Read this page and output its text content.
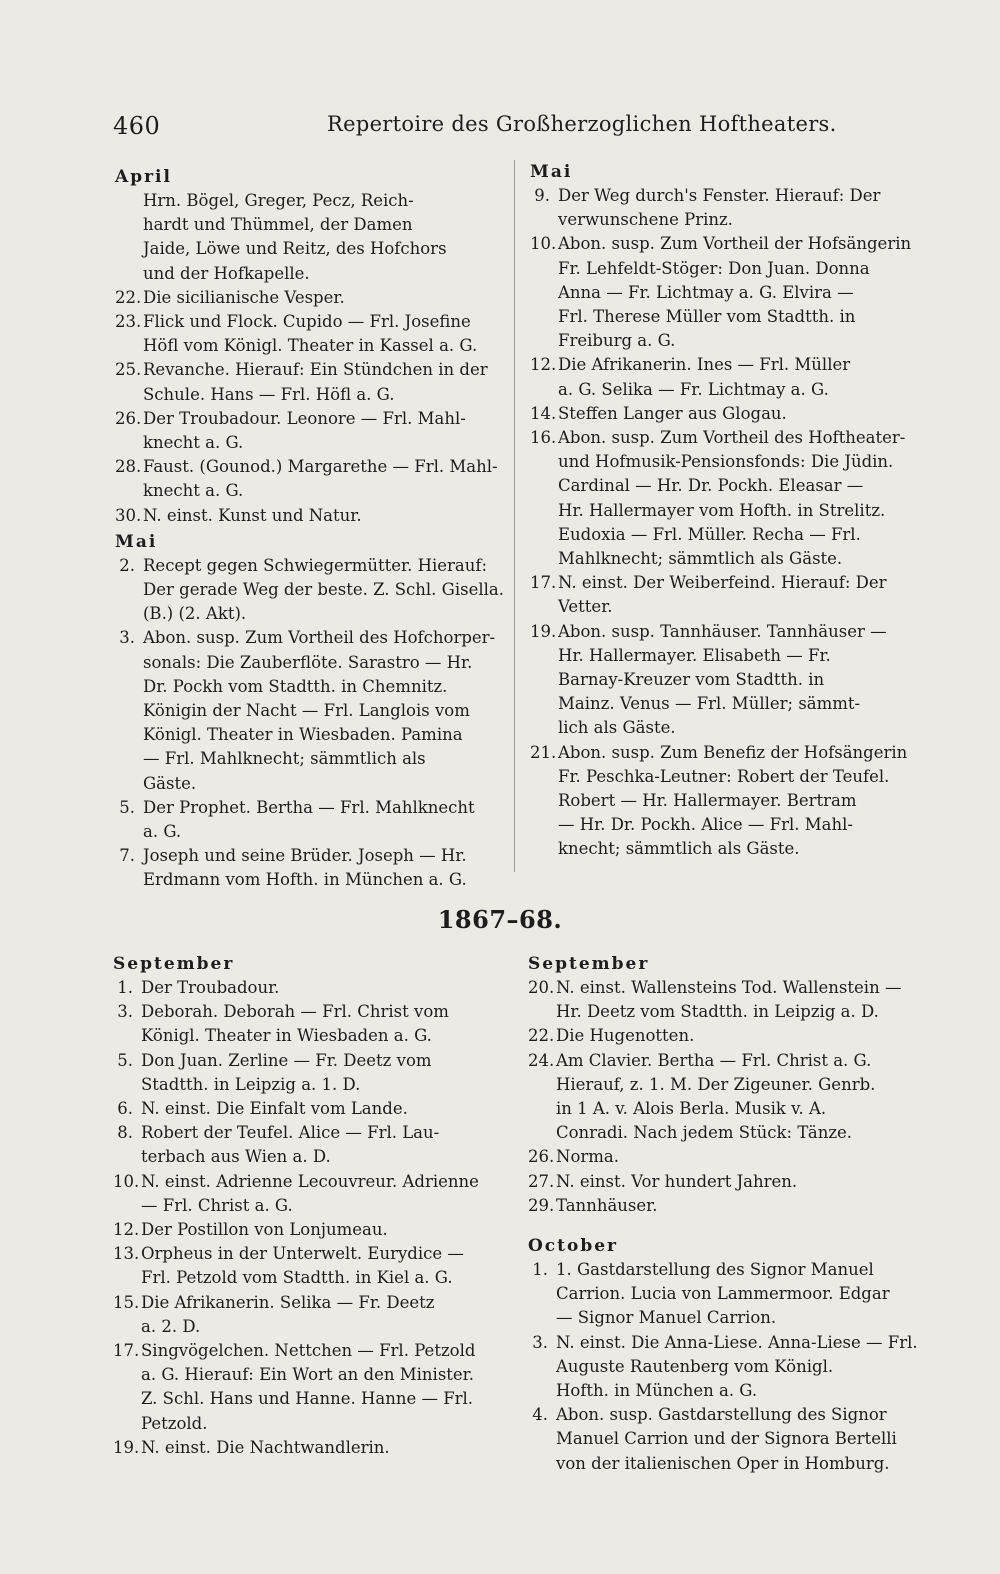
460	Repertoire des Großherzoglichen Hoftheaters.
April
Hrn. Bögel, Greger, Pecz, Reich-
hardt und Thümmel, der Damen
Jaide, Löwe und Reitz, des Hofchors
und der Hofkapelle.
22. Die sicilianische Vesper.
23. Flick und Flock. Cupido — Frl. Josefine
Höfl vom Königl. Theater in Kassel a. G.
25. Revanche. Hierauf: Ein Stündchen in der
Schule. Hans — Frl. Höfl a. G.
26. Der Troubadour. Leonore — Frl. Mahl-
knecht a. G.
28. Faust. (Gounod.) Margarethe — Frl. Mahl-
knecht a. G.
30. N. einst. Kunst und Natur.
Mai
2. Recept gegen Schwiegermütter. Hierauf:
Der gerade Weg der beste. Z. Schl. Gisella.
(B.) (2. Akt).
3. Abon. susp. Zum Vortheil des Hofchorper-
sonals: Die Zauberflöte. Sarastro — Hr.
Dr. Pockh vom Stadtth. in Chemnitz.
Königin der Nacht — Frl. Langlois vom
Königl. Theater in Wiesbaden. Pamina
— Frl. Mahlknecht; sämmtlich als
Gäste.
5. Der Prophet. Bertha — Frl. Mahlknecht
a. G.
7. Joseph und seine Brüder. Joseph — Hr.
Erdmann vom Hofth. in München a. G.
Mai
9. Der Weg durch's Fenster. Hierauf: Der
verwunschene Prinz.
10. Abon. susp. Zum Vortheil der Hofsängerin
Fr. Lehfeldt-Stöger: Don Juan. Donna
Anna — Fr. Lichtmay a. G. Elvira —
Frl. Therese Müller vom Stadtth. in
Freiburg a. G.
12. Die Afrikanerin. Ines — Frl. Müller
a. G. Selika — Fr. Lichtmay a. G.
14. Steffen Langer aus Glogau.
16. Abon. susp. Zum Vortheil des Hoftheater-
und Hofmusik-Pensionsfonds: Die Jüdin.
Cardinal — Hr. Dr. Pockh. Eleasar —
Hr. Hallermayer vom Hofth. in Strelitz.
Eudoxia — Frl. Müller. Recha — Frl.
Mahlknecht; sämmtlich als Gäste.
17. N. einst. Der Weiberfeind. Hierauf: Der
Vetter.
19. Abon. susp. Tannhäuser. Tannhäuser —
Hr. Hallermayer. Elisabeth — Fr.
Barnay-Kreuzer vom Stadtth. in
Mainz. Venus — Frl. Müller; sämmt-
lich als Gäste.
21. Abon. susp. Zum Benefiz der Hofsängerin
Fr. Peschka-Leutner: Robert der Teufel.
Robert — Hr. Hallermayer. Bertram
— Hr. Dr. Pockh. Alice — Frl. Mahl-
knecht; sämmtlich als Gäste.
1867–68.
September
1. Der Troubadour.
3. Deborah. Deborah — Frl. Christ vom
Königl. Theater in Wiesbaden a. G.
5. Don Juan. Zerline — Fr. Deetz vom
Stadtth. in Leipzig a. 1. D.
6. N. einst. Die Einfalt vom Lande.
8. Robert der Teufel. Alice — Frl. Lau-
terbach aus Wien a. D.
10. N. einst. Adrienne Lecouvreur. Adrienne
— Frl. Christ a. G.
12. Der Postillon von Lonjumeau.
13. Orpheus in der Unterwelt. Eurydice —
Frl. Petzold vom Stadtth. in Kiel a. G.
15. Die Afrikanerin. Selika — Fr. Deetz
a. 2. D.
17. Singvögelchen. Nettchen — Frl. Petzold
a. G. Hierauf: Ein Wort an den Minister.
Z. Schl. Hans und Hanne. Hanne — Frl.
Petzold.
19. N. einst. Die Nachtwandlerin.
September
20. N. einst. Wallensteins Tod. Wallenstein —
Hr. Deetz vom Stadtth. in Leipzig a. D.
22. Die Hugenotten.
24. Am Clavier. Bertha — Frl. Christ a. G.
Hierauf, z. 1. M. Der Zigeuner. Genrb.
in 1 A. v. Alois Berla. Musik v. A.
Conradi. Nach jedem Stück: Tänze.
26. Norma.
27. N. einst. Vor hundert Jahren.
29. Tannhäuser.
October
1. 1. Gastdarstellung des Signor Manuel
Carrion. Lucia von Lammermoor. Edgar
— Signor Manuel Carrion.
3. N. einst. Die Anna-Liese. Anna-Liese — Frl.
Auguste Rautenberg vom Königl.
Hofth. in München a. G.
4. Abon. susp. Gastdarstellung des Signor
Manuel Carrion und der Signora Bertelli
von der italienischen Oper in Homburg.
